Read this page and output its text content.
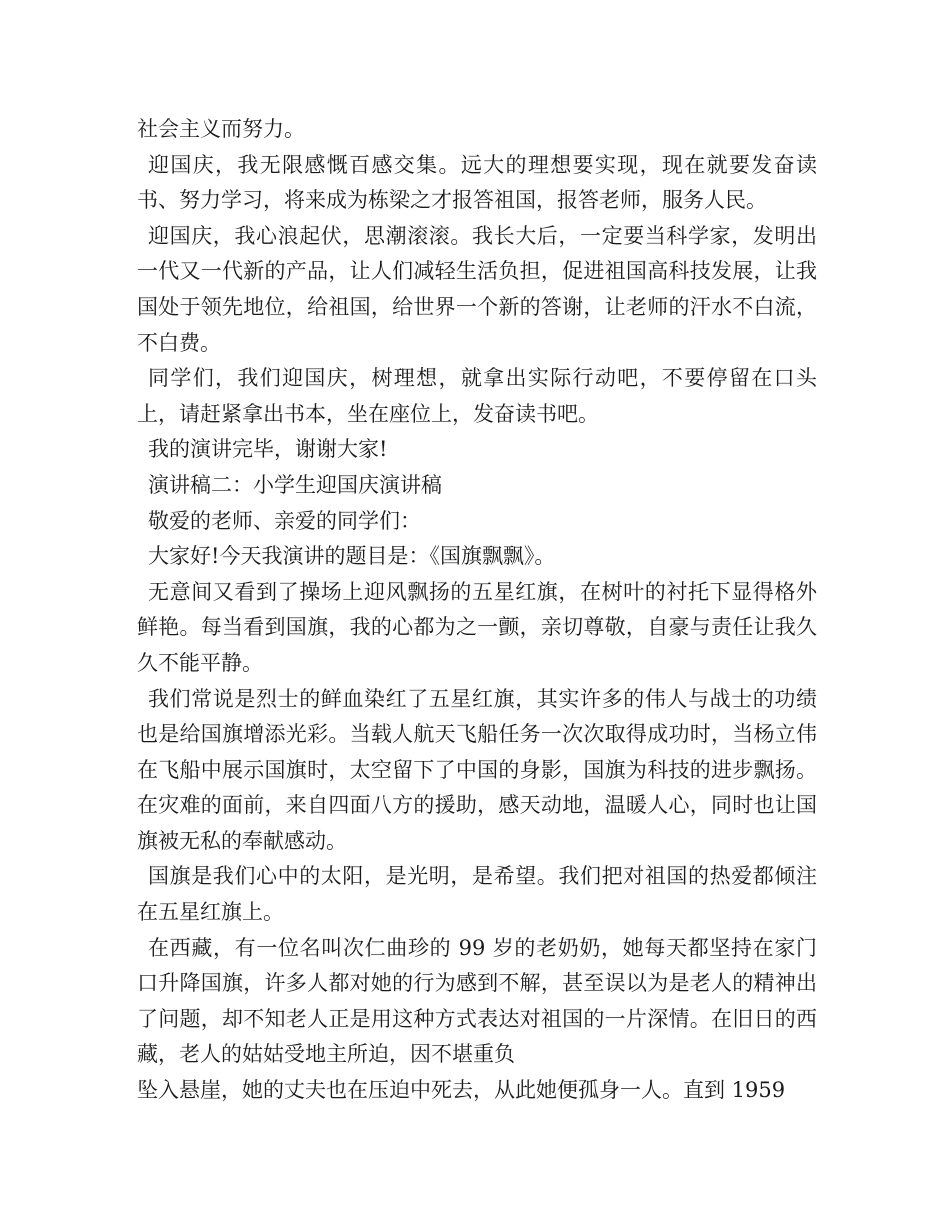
社会主义而努力。

迎国庆，我无限感慨百感交集。远大的理想要实现，现在就要发奋读书、努力学习，将来成为栋梁之才报答祖国，报答老师，服务人民。

迎国庆，我心浪起伏，思潮滚滚。我长大后，一定要当科学家，发明出一代又一代新的产品，让人们减轻生活负担，促进祖国高科技发展，让我国处于领先地位，给祖国，给世界一个新的答谢，让老师的汗水不白流，不白费。

同学们，我们迎国庆，树理想，就拿出实际行动吧，不要停留在口头上，请赶紧拿出书本，坐在座位上，发奋读书吧。

我的演讲完毕，谢谢大家!

演讲稿二：小学生迎国庆演讲稿

敬爱的老师、亲爱的同学们：

大家好!今天我演讲的题目是：《国旗飘飘》。

无意间又看到了操场上迎风飘扬的五星红旗，在树叶的衬托下显得格外鲜艳。每当看到国旗，我的心都为之一颤，亲切尊敬，自豪与责任让我久久不能平静。

我们常说是烈士的鲜血染红了五星红旗，其实许多的伟人与战士的功绩也是给国旗增添光彩。当载人航天飞船任务一次次取得成功时，当杨立伟在飞船中展示国旗时，太空留下了中国的身影，国旗为科技的进步飘扬。在灾难的面前，来自四面八方的援助，感天动地，温暖人心，同时也让国旗被无私的奉献感动。

国旗是我们心中的太阳，是光明，是希望。我们把对祖国的热爱都倾注在五星红旗上。

在西藏，有一位名叫次仁曲珍的 99 岁的老奶奶，她每天都坚持在家门口升降国旗，许多人都对她的行为感到不解，甚至误以为是老人的精神出了问题，却不知老人正是用这种方式表达对祖国的一片深情。在旧日的西藏，老人的姑姑受地主所迫，因不堪重负

坠入悬崖，她的丈夫也在压迫中死去，从此她便孤身一人。直到 1959
